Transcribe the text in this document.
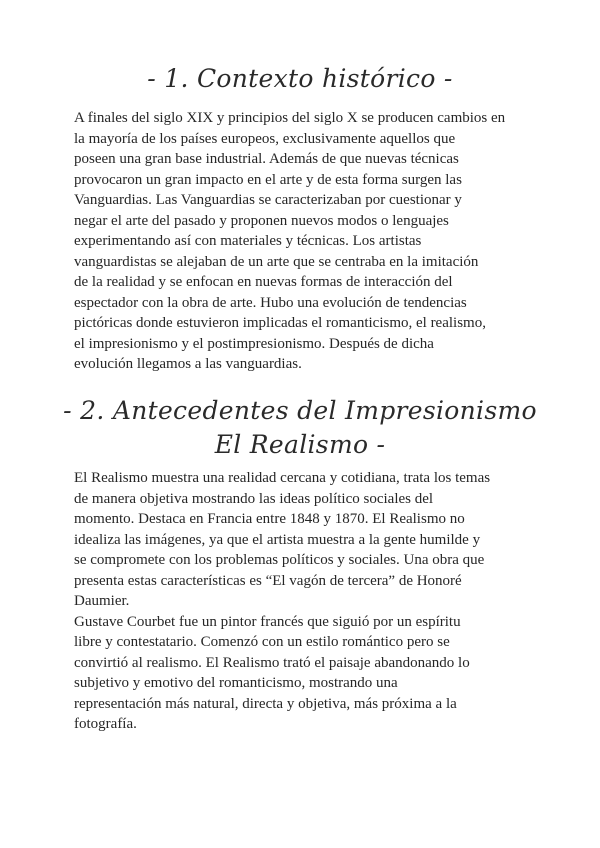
- 1. Contexto histórico -
A finales del siglo XIX y principios del siglo X se producen cambios en
la mayoría de los países europeos, exclusivamente aquellos que
poseen una gran base industrial. Además de que nuevas técnicas
provocaron un gran impacto en el arte y de esta forma surgen las
Vanguardias. Las Vanguardias se caracterizaban por cuestionar y
negar el arte del pasado y proponen nuevos modos o lenguajes
experimentando así con materiales y técnicas. Los artistas
vanguardistas se alejaban de un arte que se centraba en la imitación
de la realidad y se enfocan en nuevas formas de interacción del
espectador con la obra de arte. Hubo una evolución de tendencias
pictóricas donde estuvieron implicadas el romanticismo, el realismo,
el impresionismo y el postimpresionismo. Después de dicha
evolución llegamos a las vanguardias.
- 2. Antecedentes del Impresionismo
El Realismo -
El Realismo muestra una realidad cercana y cotidiana, trata los temas
de manera objetiva mostrando las ideas político sociales del
momento. Destaca en Francia entre 1848 y 1870. El Realismo no
idealiza las imágenes, ya que el artista muestra a la gente humilde y
se compromete con los problemas políticos y sociales. Una obra que
presenta estas características es “El vagón de tercera” de Honoré
Daumier.
Gustave Courbet fue un pintor francés que siguió por un espíritu
libre y contestatario. Comenzó con un estilo romántico pero se
convirtió al realismo. El Realismo trató el paisaje abandonando lo
subjetivo y emotivo del romanticismo, mostrando una
representación más natural, directa y objetiva, más próxima a la
fotografía.
